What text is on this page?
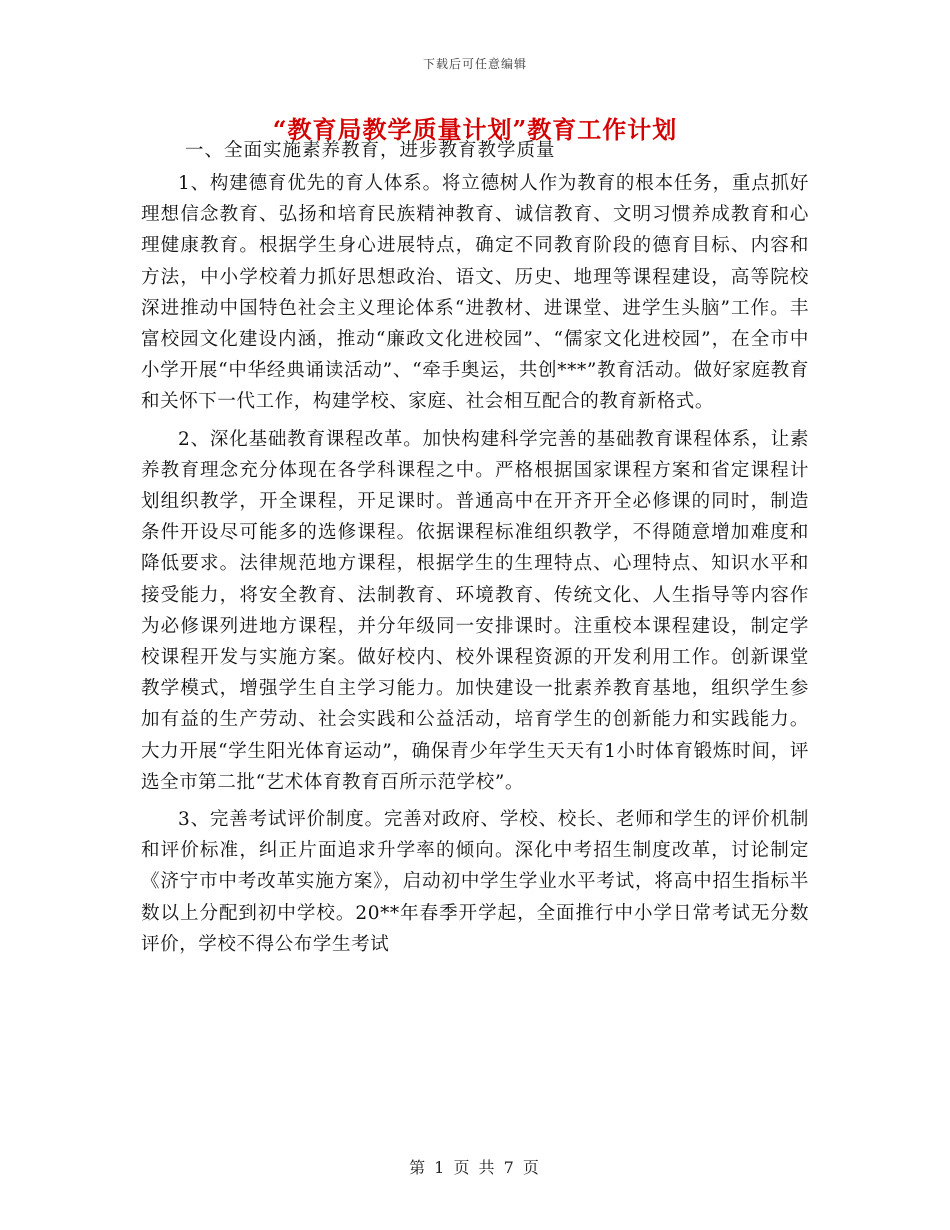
下载后可任意编辑
“教育局教学质量计划”教育工作计划
一、全面实施素养教育，进步教育教学质量

1、构建德育优先的育人体系。将立德树人作为教育的根本任务，重点抓好理想信念教育、弘扬和培育民族精神教育、诚信教育、文明习惯养成教育和心理健康教育。根据学生身心进展特点，确定不同教育阶段的德育目标、内容和方法，中小学校着力抓好思想政治、语文、历史、地理等课程建设，高等院校深进推动中国特色社会主义理论体系“进教材、进课堂、进学生头脑”工作。丰富校园文化建设内涵，推动“廉政文化进校园”、“儒家文化进校园”，在全市中小学开展“中华经典诵读活动”、“牵手奥运，共创***”教育活动。做好家庭教育和关怀下一代工作，构建学校、家庭、社会相互配合的教育新格式。

2、深化基础教育课程改革。加快构建科学完善的基础教育课程体系，让素养教育理念充分体现在各学科课程之中。严格根据国家课程方案和省定课程计划组织教学，开全课程，开足课时。普通高中在开齐开全必修课的同时，制造条件开设尽可能多的选修课程。依据课程标准组织教学，不得随意增加难度和降低要求。法律规范地方课程，根据学生的生理特点、心理特点、知识水平和接受能力，将安全教育、法制教育、环境教育、传统文化、人生指导等内容作为必修课列进地方课程，并分年级同一安排课时。注重校本课程建设，制定学校课程开发与实施方案。做好校内、校外课程资源的开发利用工作。创新课堂教学模式，增强学生自主学习能力。加快建设一批素养教育基地，组织学生参加有益的生产劳动、社会实践和公益活动，培育学生的创新能力和实践能力。大力开展“学生阳光体育运动”，确保青少年学生天天有1小时体育锻炼时间，评选全市第二批“艺术体育教育百所示范学校”。

3、完善考试评价制度。完善对政府、学校、校长、老师和学生的评价机制和评价标准，纠正片面追求升学率的倾向。深化中考招生制度改革，讨论制定《济宁市中考改革实施方案》，启动初中学生学业水平考试，将高中招生指标半数以上分配到初中学校。20**年春季开学起，全面推行中小学日常考试无分数评价，学校不得公布学生考试

第 1 页 共 7 页
